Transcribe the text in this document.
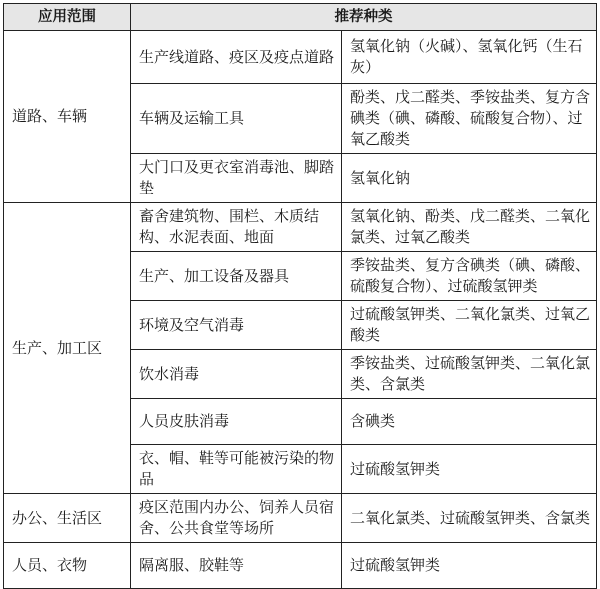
应用范围	推荐种类	
道路、车辆	生产线道路、疫区及疫点道路	氢氧化钠（火碱）、氢氧化钙（生石灰）
	车辆及运输工具	酚类、戊二醛类、季铵盐类、复方含碘类（碘、磷酸、硫酸复合物）、过氧乙酸类
	大门口及更衣室消毒池、脚踏垫	氢氧化钠
生产、加工区	畜舍建筑物、围栏、木质结构、水泥表面、地面	氢氧化钠、酚类、戊二醛类、二氧化氯类、过氧乙酸类
	生产、加工设备及器具	季铵盐类、复方含碘类（碘、磷酸、硫酸复合物）、过硫酸氢钾类
	环境及空气消毒	过硫酸氢钾类、二氧化氯类、过氧乙酸类
	饮水消毒	季铵盐类、过硫酸氢钾类、二氧化氯类、含氯类
	人员皮肤消毒	含碘类
	衣、帽、鞋等可能被污染的物品	过硫酸氢钾类
办公、生活区	疫区范围内办公、饲养人员宿舍、公共食堂等场所	二氧化氯类、过硫酸氢钾类、含氯类
人员、衣物	隔离服、胶鞋等	过硫酸氢钾类
